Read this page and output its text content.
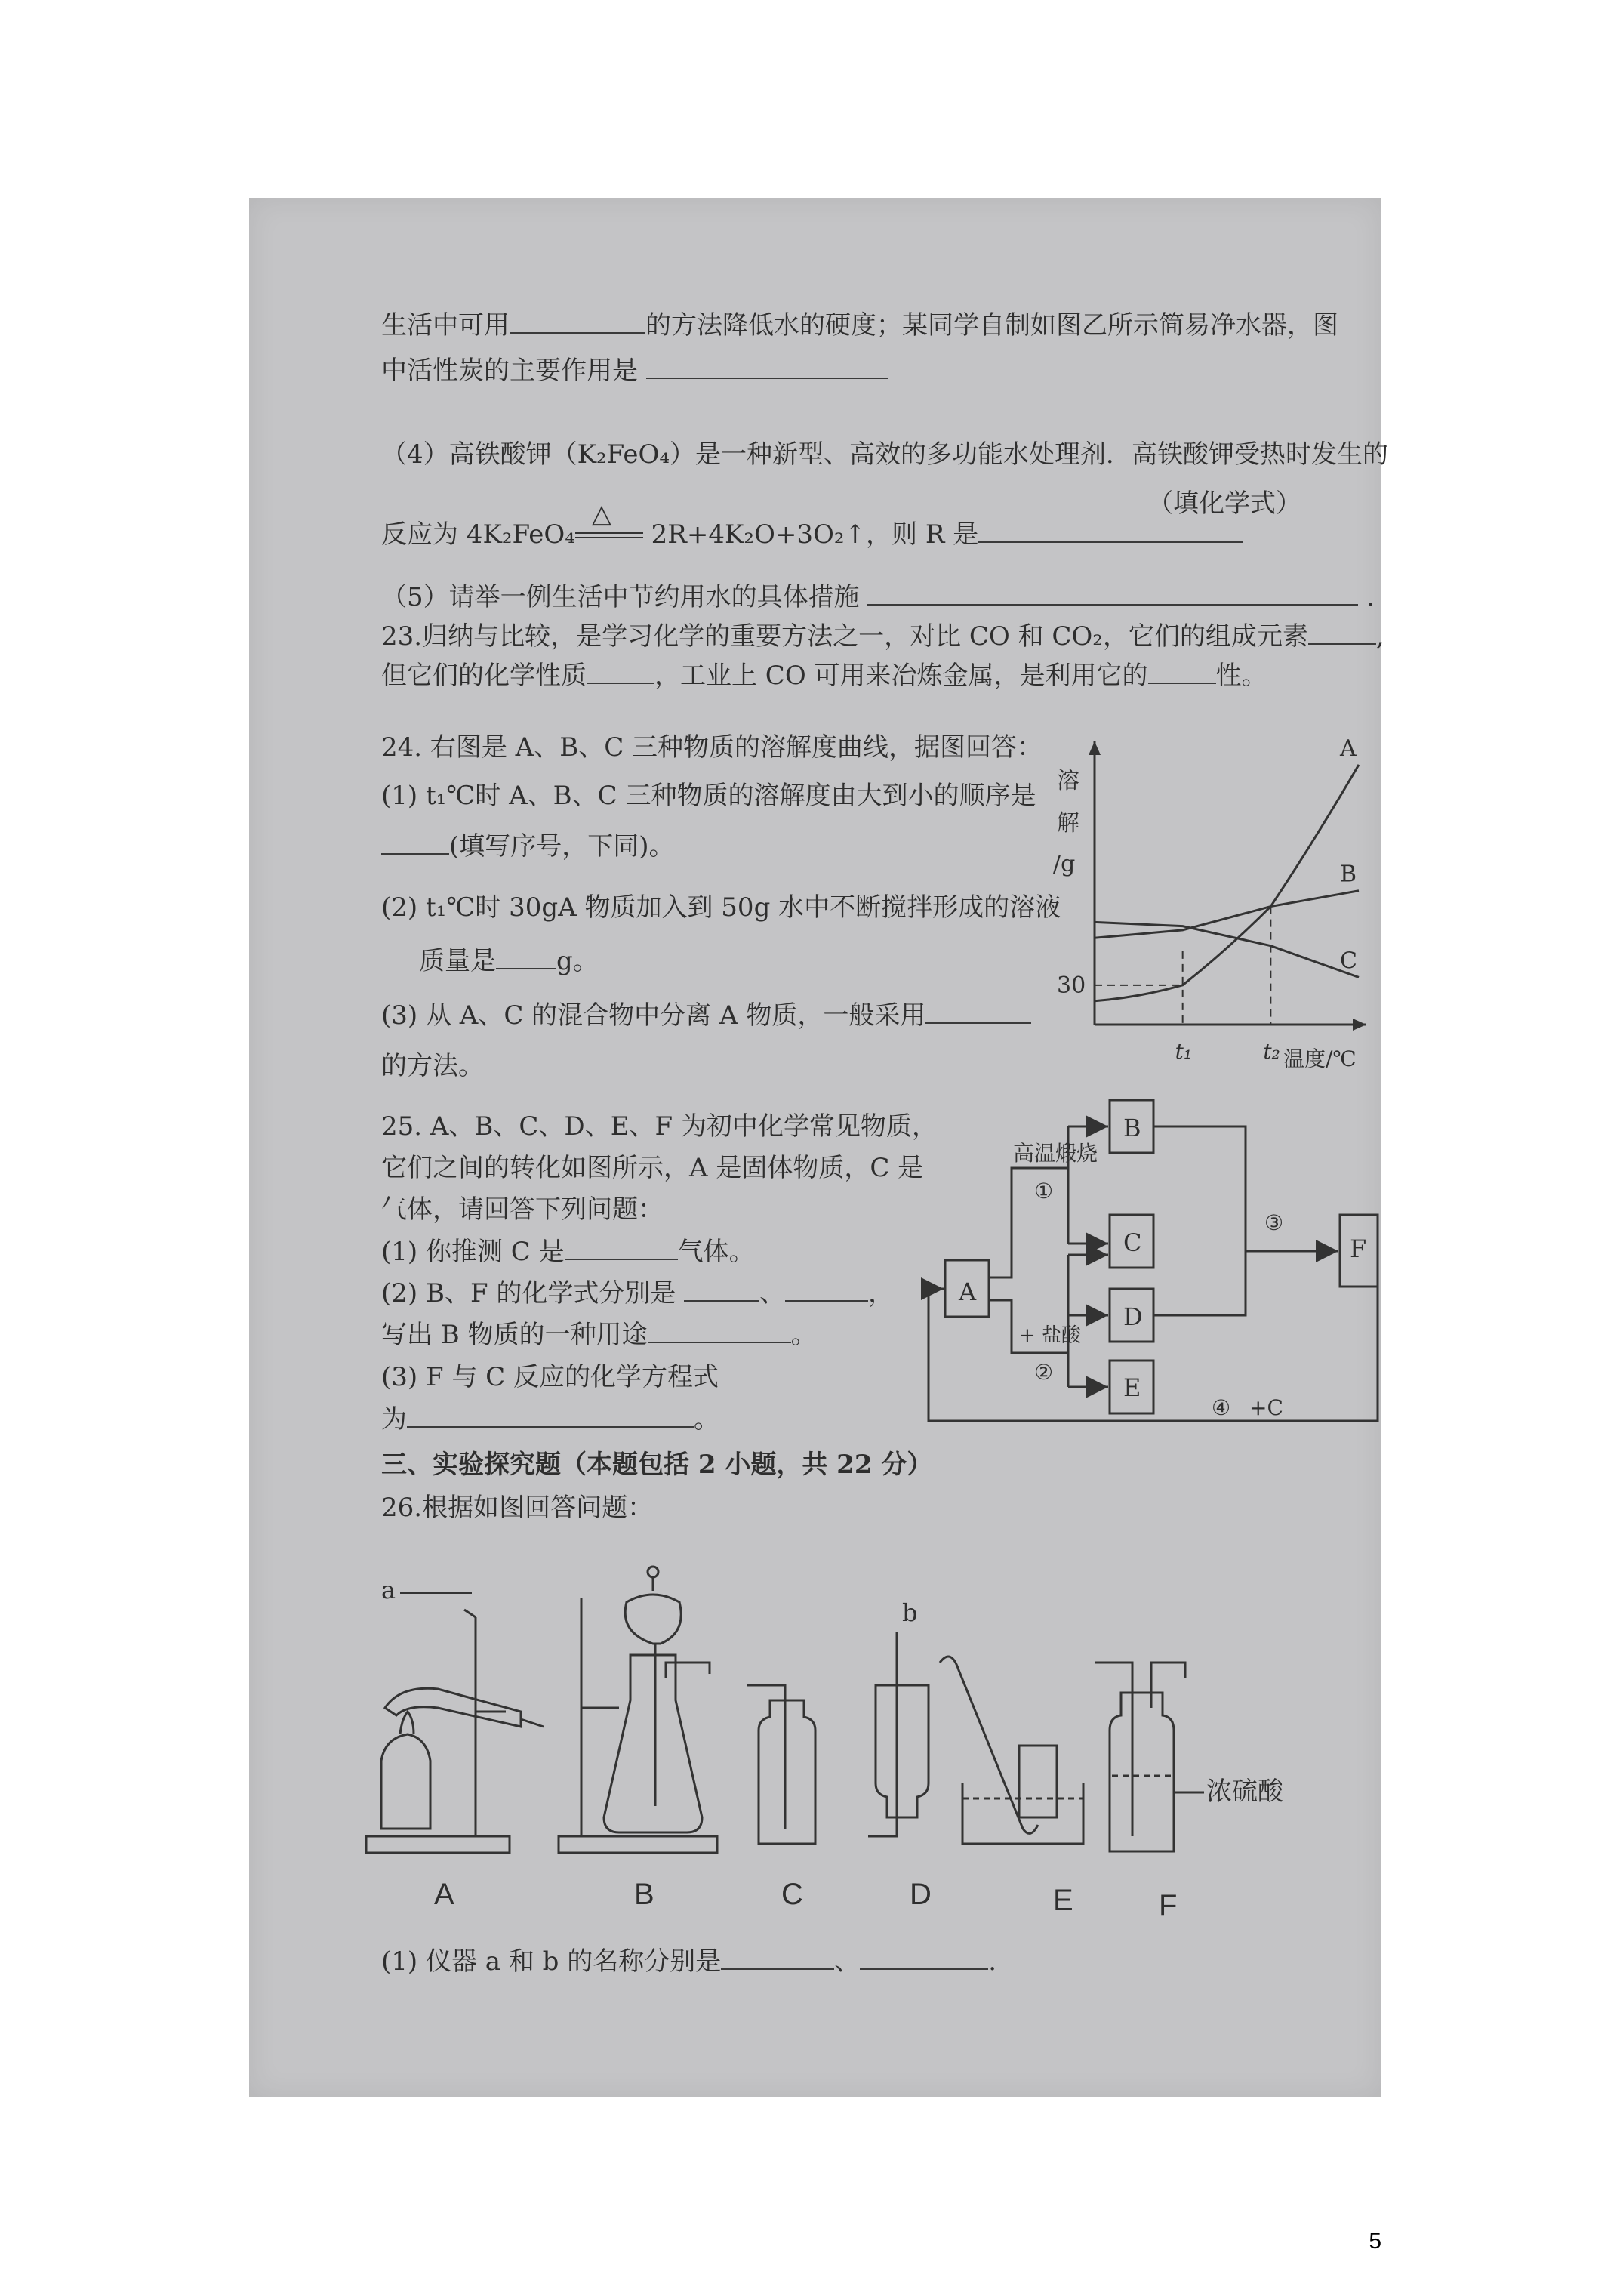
生活中可用	的方法降低水的硬度；某同学自制如图乙所示简易净水器，图
中活性炭的主要作用是
（4）高铁酸钾（K₂FeO₄）是一种新型、高效的多功能水处理剂．高铁酸钾受热时发生的
反应为 4K₂FeO₄
△
2R+4K₂O+3O₂↑，则 R 是
（填化学式）
（5）请举一例生活中节约用水的具体措施	.
23.归纳与比较，是学习化学的重要方法之一，对比 CO 和 CO₂，它们的组成元素	,
但它们的化学性质	，工业上 CO 可用来冶炼金属，是利用它的	性。
24. 右图是 A、B、C 三种物质的溶解度曲线，据图回答：
(1) t₁℃时 A、B、C 三种物质的溶解度由大到小的顺序是
(填写序号，下同)。
(2) t₁℃时 30gA 物质加入到 50g 水中不断搅拌形成的溶液
质量是 g。
(3) 从 A、C 的混合物中分离 A 物质，一般采用
的方法。
溶
解
/g
A
B
C
t₁	t₂
30
温度/℃
25. A、B、C、D、E、F 为初中化学常见物质，
它们之间的转化如图所示，A 是固体物质，C 是
气体，请回答下列问题：
(1) 你推测 C 是	气体。
(2) B、F 的化学式分别是	、	，
写出 B 物质的一种用途	。
(3) F 与 C 反应的化学方程式
为	。
A
B
C
D
E
F
高温煅烧
①
+ 盐酸
②
③
④ +C
三、实验探究题（本题包括 2 小题，共 22 分）
26.根据如图回答问题：
a
b
浓硫酸
A	B	C	D	E	F
(1) 仪器 a 和 b 的名称分别是	、	.
5
